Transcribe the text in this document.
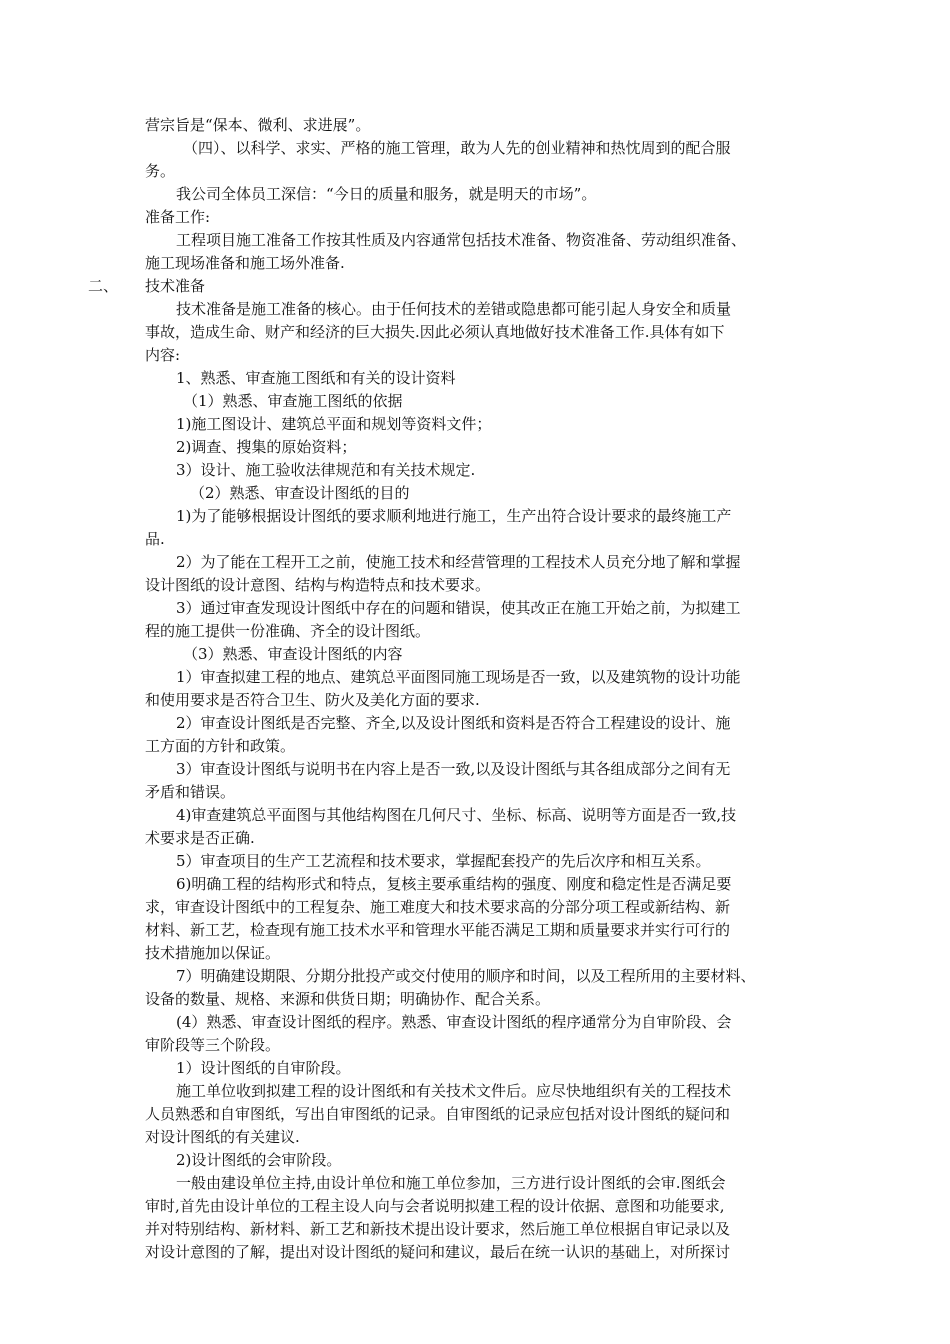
营宗旨是“保本、微利、求进展”。
（四）、以科学、求实、严格的施工管理，敢为人先的创业精神和热忱周到的配合服
务。
我公司全体员工深信：“今日的质量和服务，就是明天的市场”。
准备工作:
工程项目施工准备工作按其性质及内容通常包括技术准备、物资准备、劳动组织准备、
施工现场准备和施工场外准备.
二、 技术准备
技术准备是施工准备的核心。由于任何技术的差错或隐患都可能引起人身安全和质量
事故，造成生命、财产和经济的巨大损失.因此必须认真地做好技术准备工作.具体有如下
内容:
1、熟悉、审查施工图纸和有关的设计资料
（1）熟悉、审查施工图纸的依据
1)施工图设计、建筑总平面和规划等资料文件；
2)调查、搜集的原始资料；
3）设计、施工验收法律规范和有关技术规定.
（2）熟悉、审查设计图纸的目的
1)为了能够根据设计图纸的要求顺利地进行施工，生产出符合设计要求的最终施工产
品.
2）为了能在工程开工之前，使施工技术和经营管理的工程技术人员充分地了解和掌握
设计图纸的设计意图、结构与构造特点和技术要求。
3）通过审查发现设计图纸中存在的问题和错误，使其改正在施工开始之前，为拟建工
程的施工提供一份准确、齐全的设计图纸。
（3）熟悉、审查设计图纸的内容
1）审查拟建工程的地点、建筑总平面图同施工现场是否一致，以及建筑物的设计功能
和使用要求是否符合卫生、防火及美化方面的要求.
2）审查设计图纸是否完整、齐全,以及设计图纸和资料是否符合工程建设的设计、施
工方面的方针和政策。
3）审查设计图纸与说明书在内容上是否一致,以及设计图纸与其各组成部分之间有无
矛盾和错误。
4)审查建筑总平面图与其他结构图在几何尺寸、坐标、标高、说明等方面是否一致,技
术要求是否正确.
5）审查项目的生产工艺流程和技术要求，掌握配套投产的先后次序和相互关系。
6)明确工程的结构形式和特点，复核主要承重结构的强度、刚度和稳定性是否满足要
求，审查设计图纸中的工程复杂、施工难度大和技术要求高的分部分项工程或新结构、新
材料、新工艺，检查现有施工技术水平和管理水平能否满足工期和质量要求并实行可行的
技术措施加以保证。
7）明确建设期限、分期分批投产或交付使用的顺序和时间，以及工程所用的主要材料、
设备的数量、规格、来源和供货日期；明确协作、配合关系。
(4）熟悉、审查设计图纸的程序。熟悉、审查设计图纸的程序通常分为自审阶段、会
审阶段等三个阶段。
1）设计图纸的自审阶段。
施工单位收到拟建工程的设计图纸和有关技术文件后。应尽快地组织有关的工程技术
人员熟悉和自审图纸，写出自审图纸的记录。自审图纸的记录应包括对设计图纸的疑问和
对设计图纸的有关建议.
2)设计图纸的会审阶段。
一般由建设单位主持,由设计单位和施工单位参加，三方进行设计图纸的会审.图纸会
审时,首先由设计单位的工程主设人向与会者说明拟建工程的设计依据、意图和功能要求,
并对特别结构、新材料、新工艺和新技术提出设计要求，然后施工单位根据自审记录以及
对设计意图的了解，提出对设计图纸的疑问和建议，最后在统一认识的基础上，对所探讨
